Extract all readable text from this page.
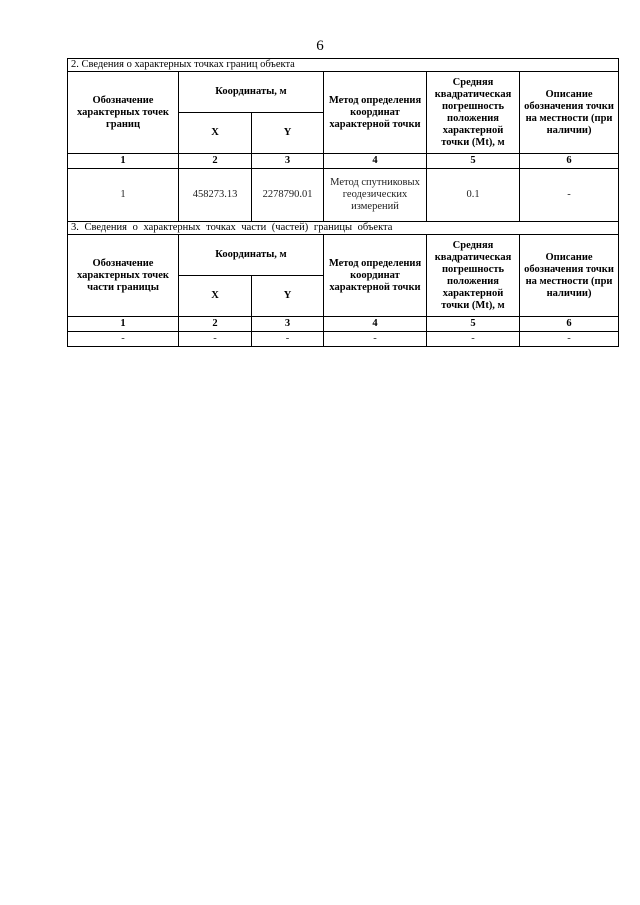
6
2. Сведения о характерных точках границ объекта					
Обозначение характерных точек границ	Координаты, м		Метод определения координат характерной точки	Средняя квадратическая погрешность положения характерной точки (Mt), м	Описание обозначения точки на местности (при наличии)
	X	Y			
1	2	3	4	5	6
1	458273.13	2278790.01	Метод спутниковых геодезических измерений	0.1	-
3. Сведения о характерных точках части (частей) границы объекта					
Обозначение характерных точек части границы	Координаты, м		Метод определения координат характерной точки	Средняя квадратическая погрешность положения характерной точки (Mt), м	Описание обозначения точки на местности (при наличии)
	X	Y			
1	2	3	4	5	6
-	-	-	-	-	-
